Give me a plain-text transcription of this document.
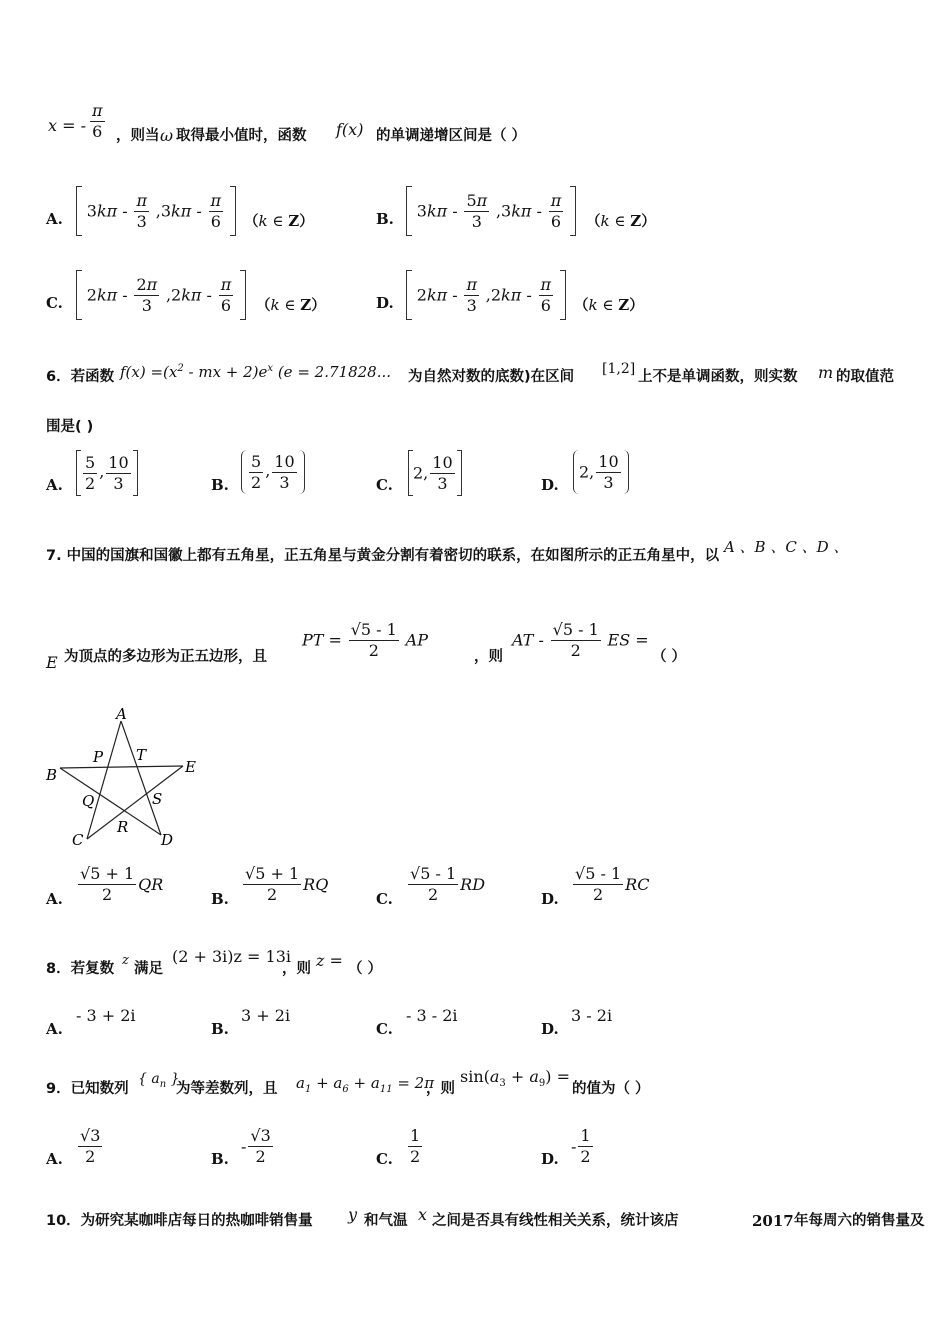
x = - $\frac{\pi}{6}$ ，则当 ω 取得最小值时，函数 f(x) 的单调递增区间是（ ）
A.	$3k\pi - \frac{\pi}{3} ,3k\pi - \frac{\pi}{6}$
（k ∈ Z）	B.	$3k\pi - \frac{5\pi}{3} ,3k\pi - \frac{\pi}{6}$
（k ∈ Z）
C.	$2k\pi - \frac{2\pi}{3} ,2k\pi - \frac{\pi}{6}$
（k ∈ Z）	D.	$2k\pi - \frac{\pi}{3} ,2k\pi - \frac{\pi}{6}$
（k ∈ Z）
6．若函数 $f(x) =(x^2$ - mx + $2)e^x$ (e = 2.71828... 为自然对数的底数)在区间 [1,2] 上不是单调函数，则实数 m 的取值范
围是( )
A. $\frac{5}{2}$ , $\frac{10}{3}$	B. $\frac{5}{2}$ , $\frac{10}{3}$	C.
2, $\frac{10}{3}$	D.
2, $\frac{10}{3}$
7. 中国的国旗和国徽上都有五角星，正五角星与黄金分割有着密切的联系，在如图所示的正五角星中，以 A 、B 、C 、D 、
E 为顶点的多边形为正五边形，且
PT = $\frac{√5 - 1}{2}$ AP
，则
AT - $\frac{√5 - 1}{2}$ ES =
（ ）
A
P T
B	E
Q	S
R
C	D
A. $\frac{√5 + 1}{2}$ QR
B. $\frac{√5 + 1}{2}$ RQ
C. $\frac{√5 - 1}{2}$ RD
D. $\frac{√5 - 1}{2}$ RC
8．若复数
z
满足
(2 + 3i)z = 13i
，则 z = （ ）
A.
- 3 + 2i
B.
3 + 2i
C.
- 3 - 2i
D.
3 - 2i
9．已知数列
{ $a_n$ }
为等差数列，且 $a_1 + a_6 + a_{11} = 2\pi$
，则
$\sin(a_3 + a_9)$ =
的值为（ ）
A. $\frac{√3}{2}$	B.
- $\frac{√3}{2}$	C. $\frac{1}{2}$	D.
- $\frac{1}{2}$
10．为研究某咖啡店每日的热咖啡销售量 y 和气温 x 之间是否具有线性相关关系，统计该店	2017 年每周六的销售量及
